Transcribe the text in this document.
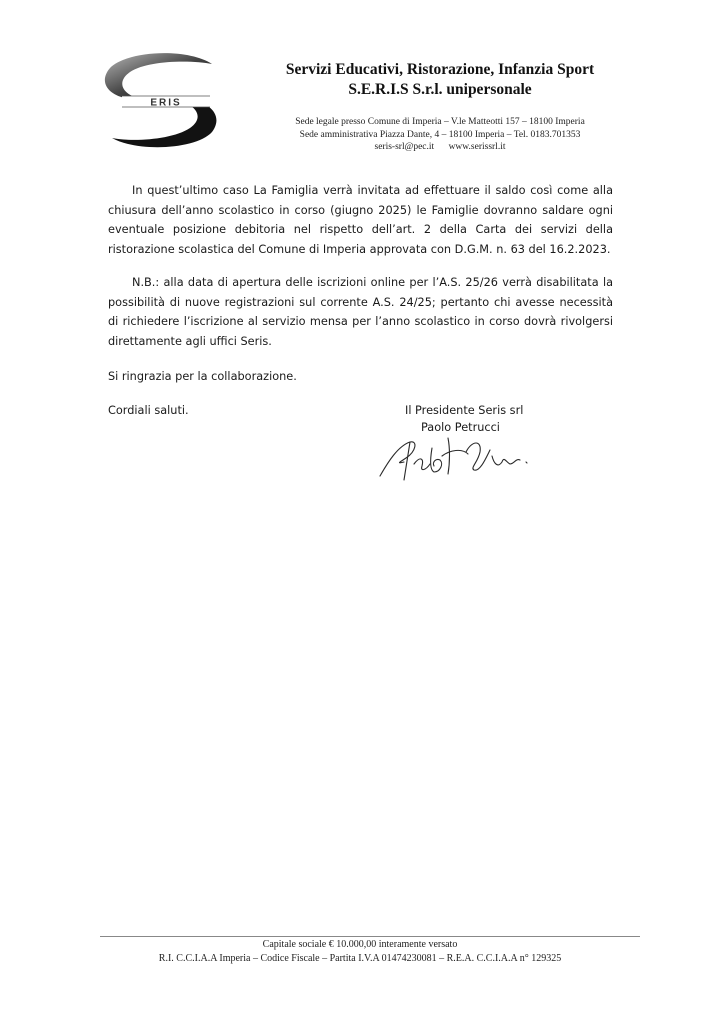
ERIS
Servizi Educativi, Ristorazione, Infanzia Sport
S.E.R.I.S S.r.l. unipersonale
Sede legale presso Comune di Imperia – V.le Matteotti 157 – 18100 Imperia
Sede amministrativa Piazza Dante, 4 – 18100 Imperia – Tel. 0183.701353
seris-srl@pec.it www.serissrl.it

In quest’ultimo caso La Famiglia verrà invitata ad effettuare il saldo così come alla chiusura dell’anno scolastico in corso (giugno 2025) le Famiglie dovranno saldare ogni eventuale posizione debitoria nel rispetto dell’art. 2 della Carta dei servizi della ristorazione scolastica del Comune di Imperia approvata con D.G.M. n. 63 del 16.2.2023.

N.B.: alla data di apertura delle iscrizioni online per l’A.S. 25/26 verrà disabilitata la possibilità di nuove registrazioni sul corrente A.S. 24/25; pertanto chi avesse necessità di richiedere l’iscrizione al servizio mensa per l’anno scolastico in corso dovrà rivolgersi direttamente agli uffici Seris.

Si ringrazia per la collaborazione.

Cordiali saluti.	Il Presidente Seris srl
Paolo Petrucci
Capitale sociale € 10.000,00 interamente versato
R.I. C.C.I.A.A Imperia – Codice Fiscale – Partita I.V.A 01474230081 – R.E.A. C.C.I.A.A n° 129325
